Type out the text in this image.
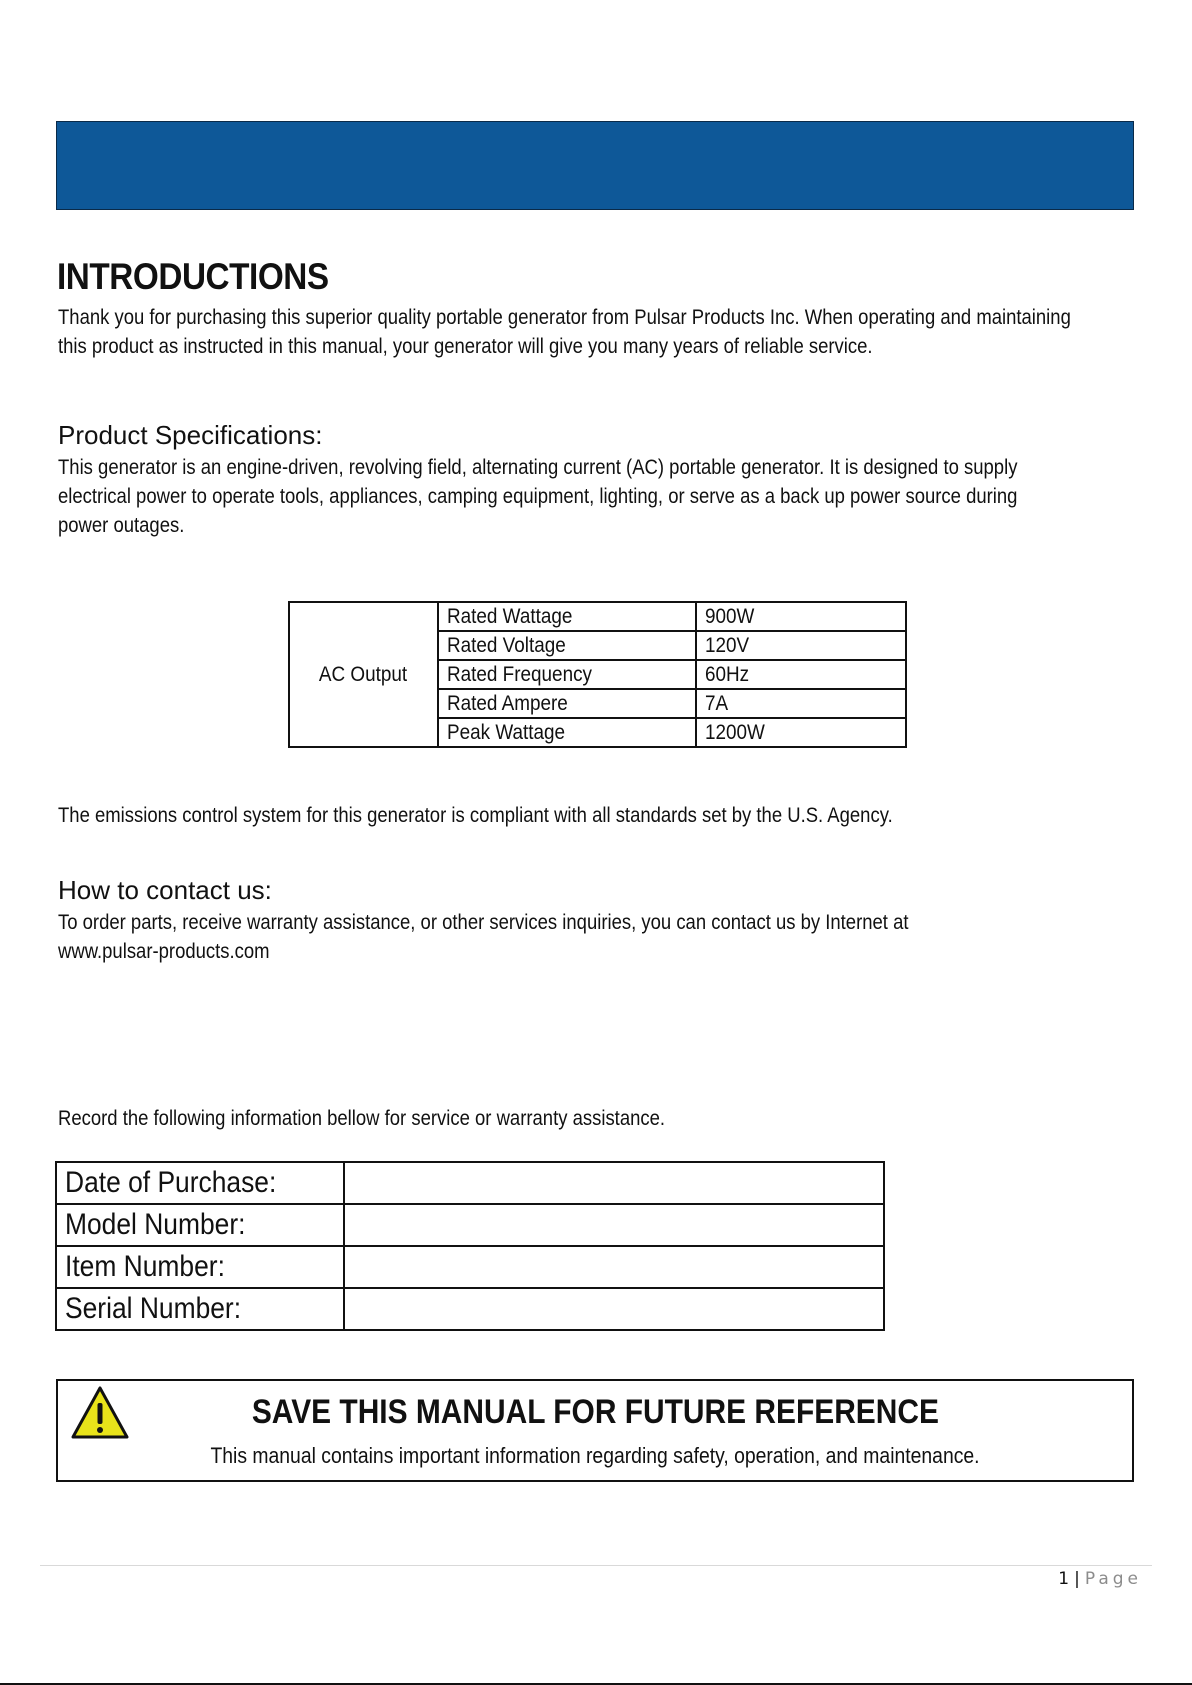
INTRODUCTIONS

Thank you for purchasing this superior quality portable generator from Pulsar Products Inc. When operating and maintaining

this product as instructed in this manual, your generator will give you many years of reliable service.

Product Specifications:

This generator is an engine-driven, revolving field, alternating current (AC) portable generator. It is designed to supply

electrical power to operate tools, appliances, camping equipment, lighting, or serve as a back up power source during

power outages.

AC Output	Rated Wattage	900W
	Rated Voltage	120V
	Rated Frequency	60Hz
	Rated Ampere	7A
	Peak Wattage	1200W

The emissions control system for this generator is compliant with all standards set by the U.S. Agency.

How to contact us:

To order parts, receive warranty assistance, or other services inquiries, you can contact us by Internet at

www.pulsar-products.com

Record the following information bellow for service or warranty assistance.

Date of Purchase:	
Model Number:	
Item Number:	
Serial Number:	

SAVE THIS MANUAL FOR FUTURE REFERENCE

This manual contains important information regarding safety, operation, and maintenance.

1 | Page
